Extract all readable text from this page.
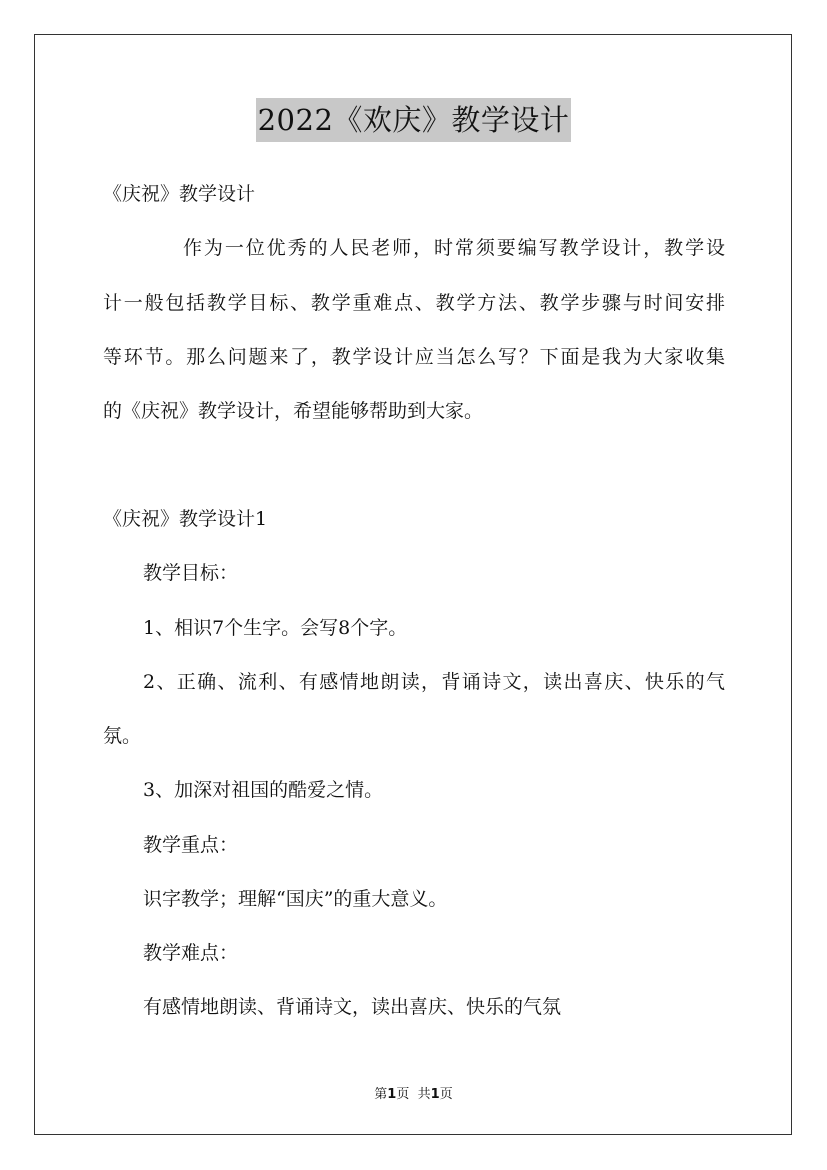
2022《欢庆》教学设计
《庆祝》教学设计
作为一位优秀的人民老师，时常须要编写教学设计，教学设
计一般包括教学目标、教学重难点、教学方法、教学步骤与时间安排
等环节。那么问题来了，教学设计应当怎么写？下面是我为大家收集
的《庆祝》教学设计，希望能够帮助到大家。
《庆祝》教学设计1
教学目标：
1、相识7个生字。会写8个字。
2、正确、流利、有感情地朗读，背诵诗文，读出喜庆、快乐的气
氛。
3、加深对祖国的酷爱之情。
教学重点：
识字教学；理解“国庆”的重大意义。
教学难点：
有感情地朗读、背诵诗文，读出喜庆、快乐的气氛
第1页 共1页
